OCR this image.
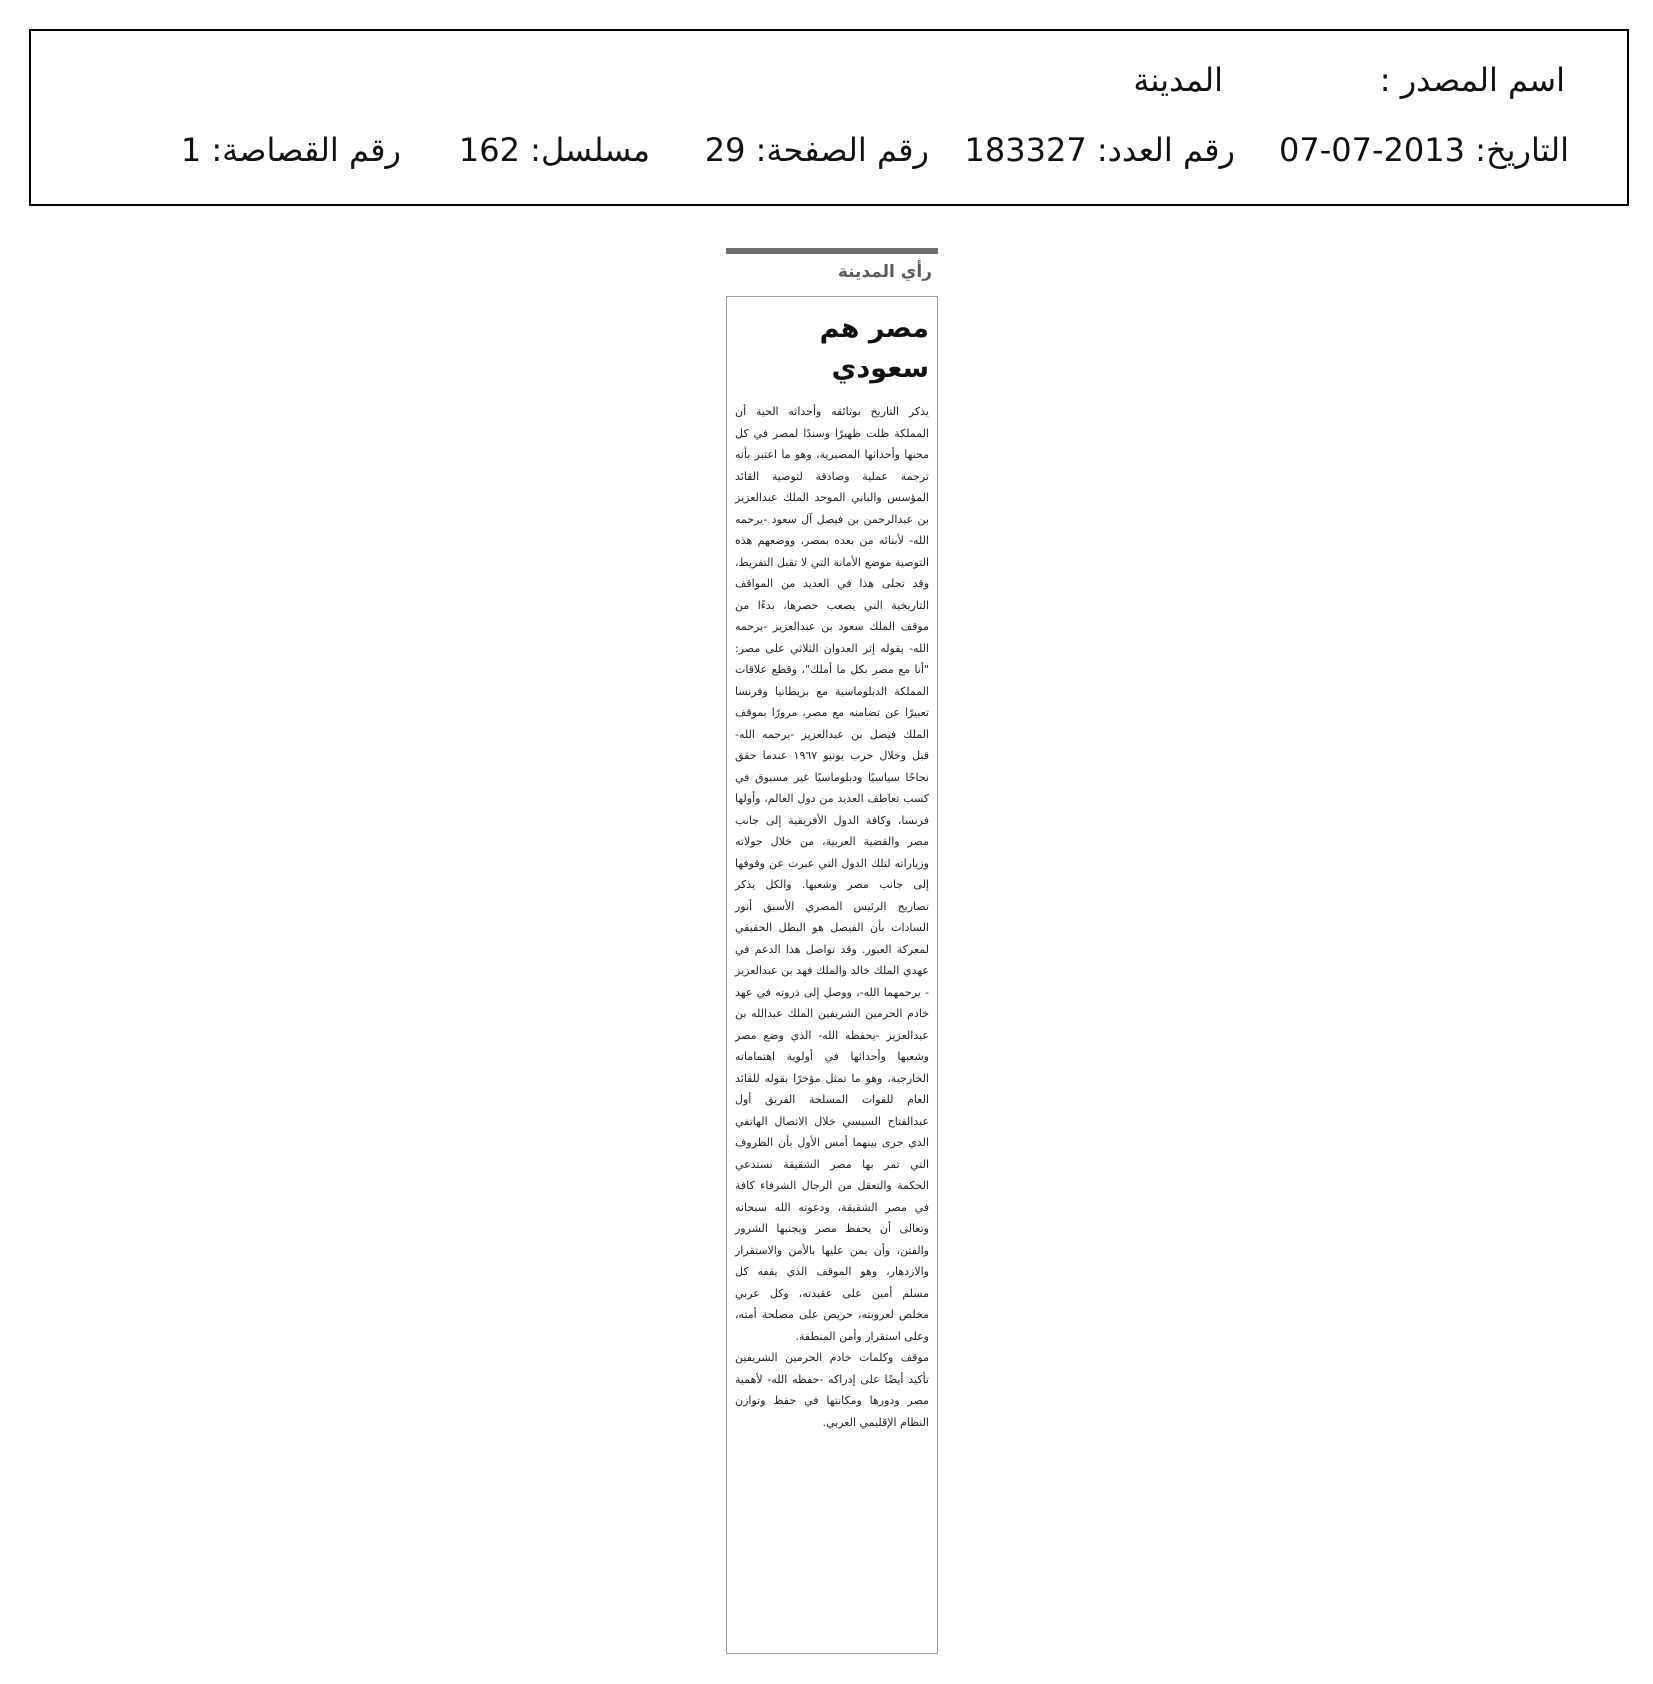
اسم المصدر :
المدينة
التاريخ: 2013-07-07
رقم العدد: 183327
رقم الصفحة: 29
مسلسل: 162
رقم القصاصة: 1
رأي المدينة
مصر هم سعودي

يذكر التاريخ بوثائقه وأحداثه الحية أن المملكة ظلت ظهيرًا وسندًا لمصر في كل محنها وأحداثها المصيرية، وهو ما اعتبر بأنه ترجمة عملية وصادقة لتوصية القائد المؤسس والباني الموحد الملك عبدالعزيز بن عبدالرحمن بن فيصل آل سعود -يرحمه الله- لأبنائه من بعده بمصر، ووضعهم هذه التوصية موضع الأمانة التي لا تقبل التفريط، وقد تجلى هذا في العديد من المواقف التاريخية التي يصعب حصرها، بدءًا من موقف الملك سعود بن عبدالعزيز -يرحمه الله- بقوله إثر العدوان الثلاثي على مصر: "أنا مع مصر بكل ما أملك"، وقطع علاقات المملكة الدبلوماسية مع بريطانيا وفرنسا تعبيرًا عن تضامنه مع مصر، مرورًا بموقف الملك فيصل بن عبدالعزيز -يرحمه الله- قبل وخلال حرب يونيو ١٩٦٧ عندما حقق نجاحًا سياسيًا ودبلوماسيًا غير مسبوق في كسب تعاطف العديد من دول العالم، وأولها فرنسا، وكافة الدول الأفريقية إلى جانب مصر والقضية العربية، من خلال جولاته وزياراته لتلك الدول التي عبرت عن وقوفها إلى جانب مصر وشعبها. والكل يذكر تصاريح الرئيس المصري الأسبق أنور السادات بأن الفيصل هو البطل الحقيقي لمعركة العبور. وقد تواصل هذا الدعم في عهدي الملك خالد والملك فهد بن عبدالعزيز - يرحمهما الله-، ووصل إلى ذروته في عهد خادم الحرمين الشريفين الملك عبدالله بن عبدالعزيز -يحفظه الله- الذي وضع مصر وشعبها وأحداثها في أولوية اهتماماته الخارجية، وهو ما تمثل مؤخرًا بقوله للقائد العام للقوات المسلحة الفريق أول عبدالفتاح السيسي خلال الاتصال الهاتفي الذي جرى بينهما أمس الأول بأن الظروف التي تمر بها مصر الشقيقة تستدعي الحكمة والتعقل من الرجال الشرفاء كافة في مصر الشقيقة، ودعوته الله سبحانه وتعالى أن يحفظ مصر ويجنبها الشرور والفتن، وأن يمن عليها بالأمن والاستقرار والازدهار، وهو الموقف الذي يقفه كل مسلم أمين على عقيدته، وكل عربي مخلص لعروبته، حريص على مصلحة أمته، وعلى استقرار وأمن المنطقة.

موقف وكلمات خادم الحرمين الشريفين تأكيد أيضًا على إدراكه -حفظه الله- لأهمية مصر ودورها ومكانتها في حفظ وتوازن النظام الإقليمي العربي.
